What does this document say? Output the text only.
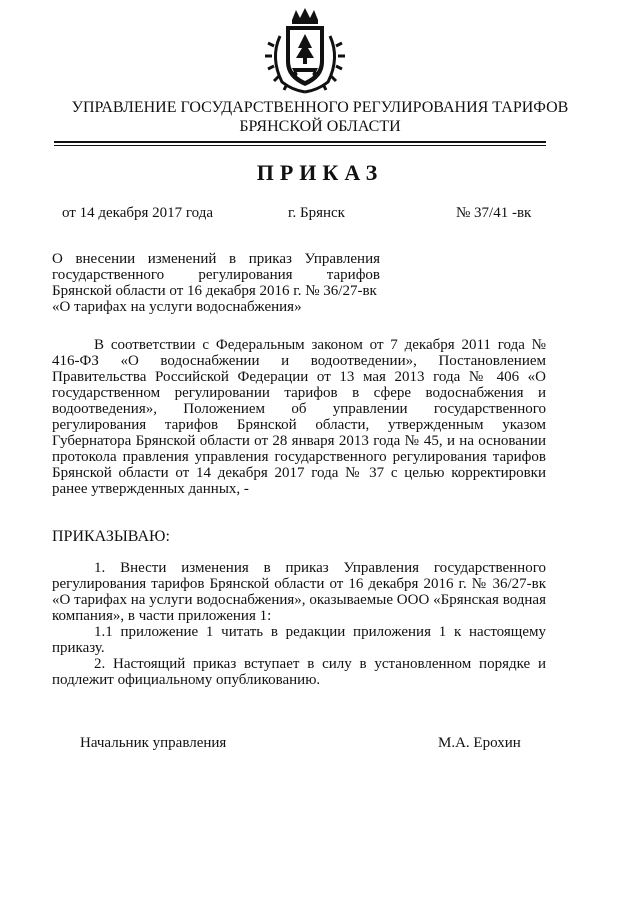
УПРАВЛЕНИЕ ГОСУДАРСТВЕННОГО РЕГУЛИРОВАНИЯ ТАРИФОВ
БРЯНСКОЙ ОБЛАСТИ
ПРИКАЗ
от 14 декабря 2017 года	г. Брянск	№ 37/41 -вк
О внесении изменений в приказ Управления
государственного регулирования тарифов
Брянской области от 16 декабря 2016 г. № 36/27-вк
«О тарифах на услуги водоснабжения»
В соответствии с Федеральным законом от 7 декабря 2011 года № 416-ФЗ «О водоснабжении и водоотведении», Постановлением Правительства Российской Федерации от 13 мая 2013 года № 406 «О государственном регулировании тарифов в сфере водоснабжения и водоотведения», Положением об управлении государственного регулирования тарифов Брянской области, утвержденным указом Губернатора Брянской области от 28 января 2013 года № 45, и на основании протокола правления управления государственного регулирования тарифов Брянской области от 14 декабря 2017 года № 37 с целью корректировки ранее утвержденных данных, -
ПРИКАЗЫВАЮ:

1. Внести изменения в приказ Управления государственного регулирования тарифов Брянской области от 16 декабря 2016 г. № 36/27-вк «О тарифах на услуги водоснабжения», оказываемые ООО «Брянская водная компания», в части приложения 1:

1.1 приложение 1 читать в редакции приложения 1 к настоящему приказу.

2. Настоящий приказ вступает в силу в установленном порядке и подлежит официальному опубликованию.

Начальник управления	М.А. Ерохин
